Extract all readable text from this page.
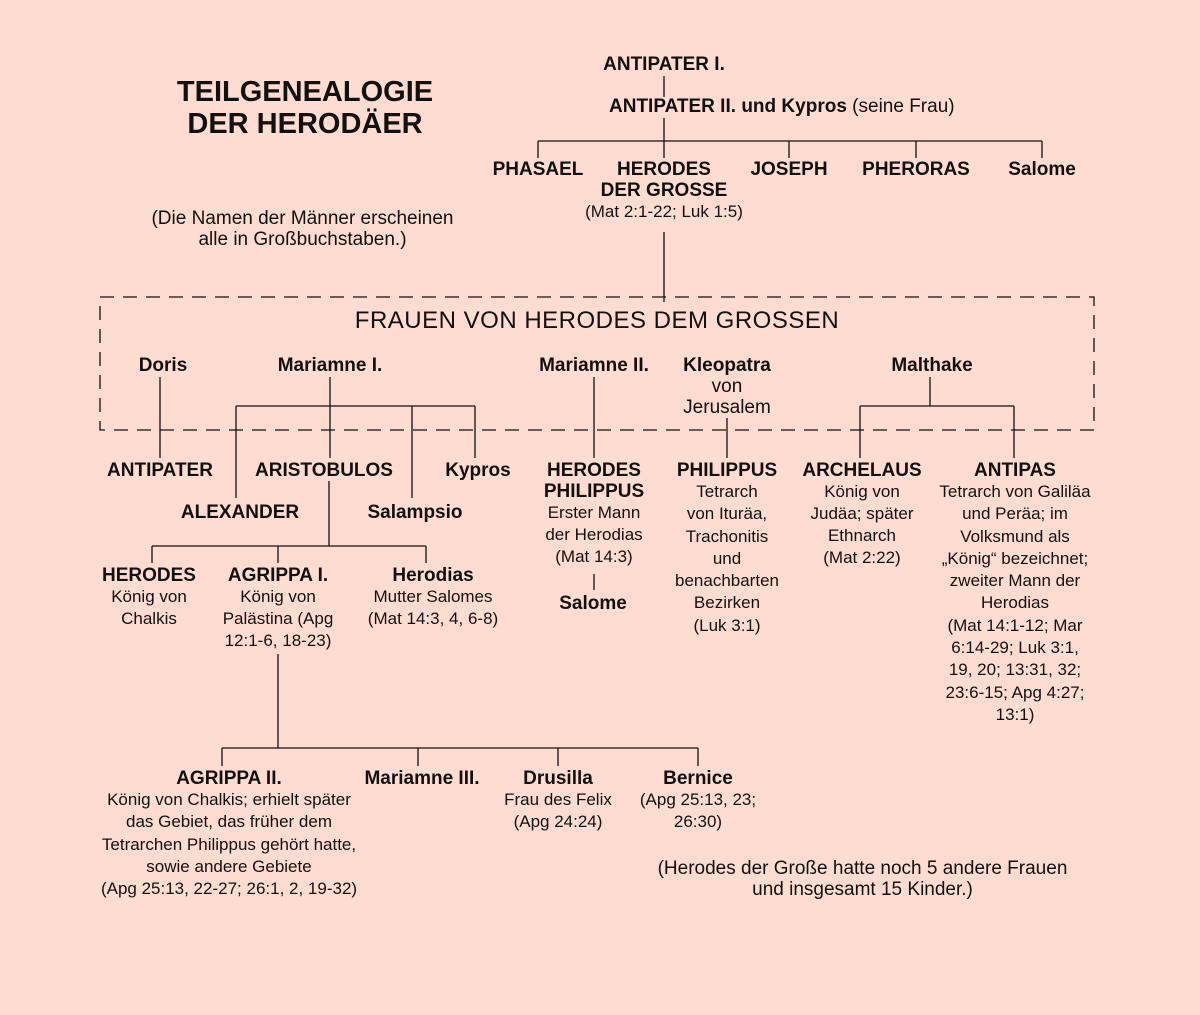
TEILGENEALOGIE
DER HERODÄER
(Die Namen der Männer erscheinen
alle in Großbuchstaben.)
(Herodes der Große hatte noch 5 andere Frauen
und insgesamt 15 Kinder.)
FRAUEN VON HERODES DEM GROSSEN
ANTIPATER I.
ANTIPATER II. und Kypros (seine Frau)
PHASAEL	HERODES
DER GROSSE
(Mat 2:1-22; Luk 1:5)
JOSEPH	PHERORAS	Salome
Doris	Mariamne I.	Mariamne II.	Kleopatra
von
Jerusalem
Malthake
ANTIPATER
ALEXANDER
ARISTOBULOS
Salampsio
Kypros	HERODES
PHILIPPUS
Erster Mann
der Herodias
(Mat 14:3)
Salome
PHILIPPUS
Tetrarch
von Ituräa,
Trachonitis
und
benachbarten
Bezirken
(Luk 3:1)
ARCHELAUS
König von
Judäa; später
Ethnarch
(Mat 2:22)
ANTIPAS
Tetrarch von Galiläa
und Peräa; im
Volksmund als
„König“ bezeichnet;
zweiter Mann der
Herodias
(Mat 14:1-12; Mar
6:14-29; Luk 3:1,
19, 20; 13:31, 32;
23:6-15; Apg 4:27;
13:1)
HERODES
König von
Chalkis
AGRIPPA I.
König von
Palästina (Apg
12:1-6, 18-23)
Herodias
Mutter Salomes
(Mat 14:3, 4, 6-8)
AGRIPPA II.
König von Chalkis; erhielt später
das Gebiet, das früher dem
Tetrarchen Philippus gehört hatte,
sowie andere Gebiete
(Apg 25:13, 22-27; 26:1, 2, 19-32)
Mariamne III.	Drusilla
Frau des Felix
(Apg 24:24)
Bernice
(Apg 25:13, 23;
26:30)
